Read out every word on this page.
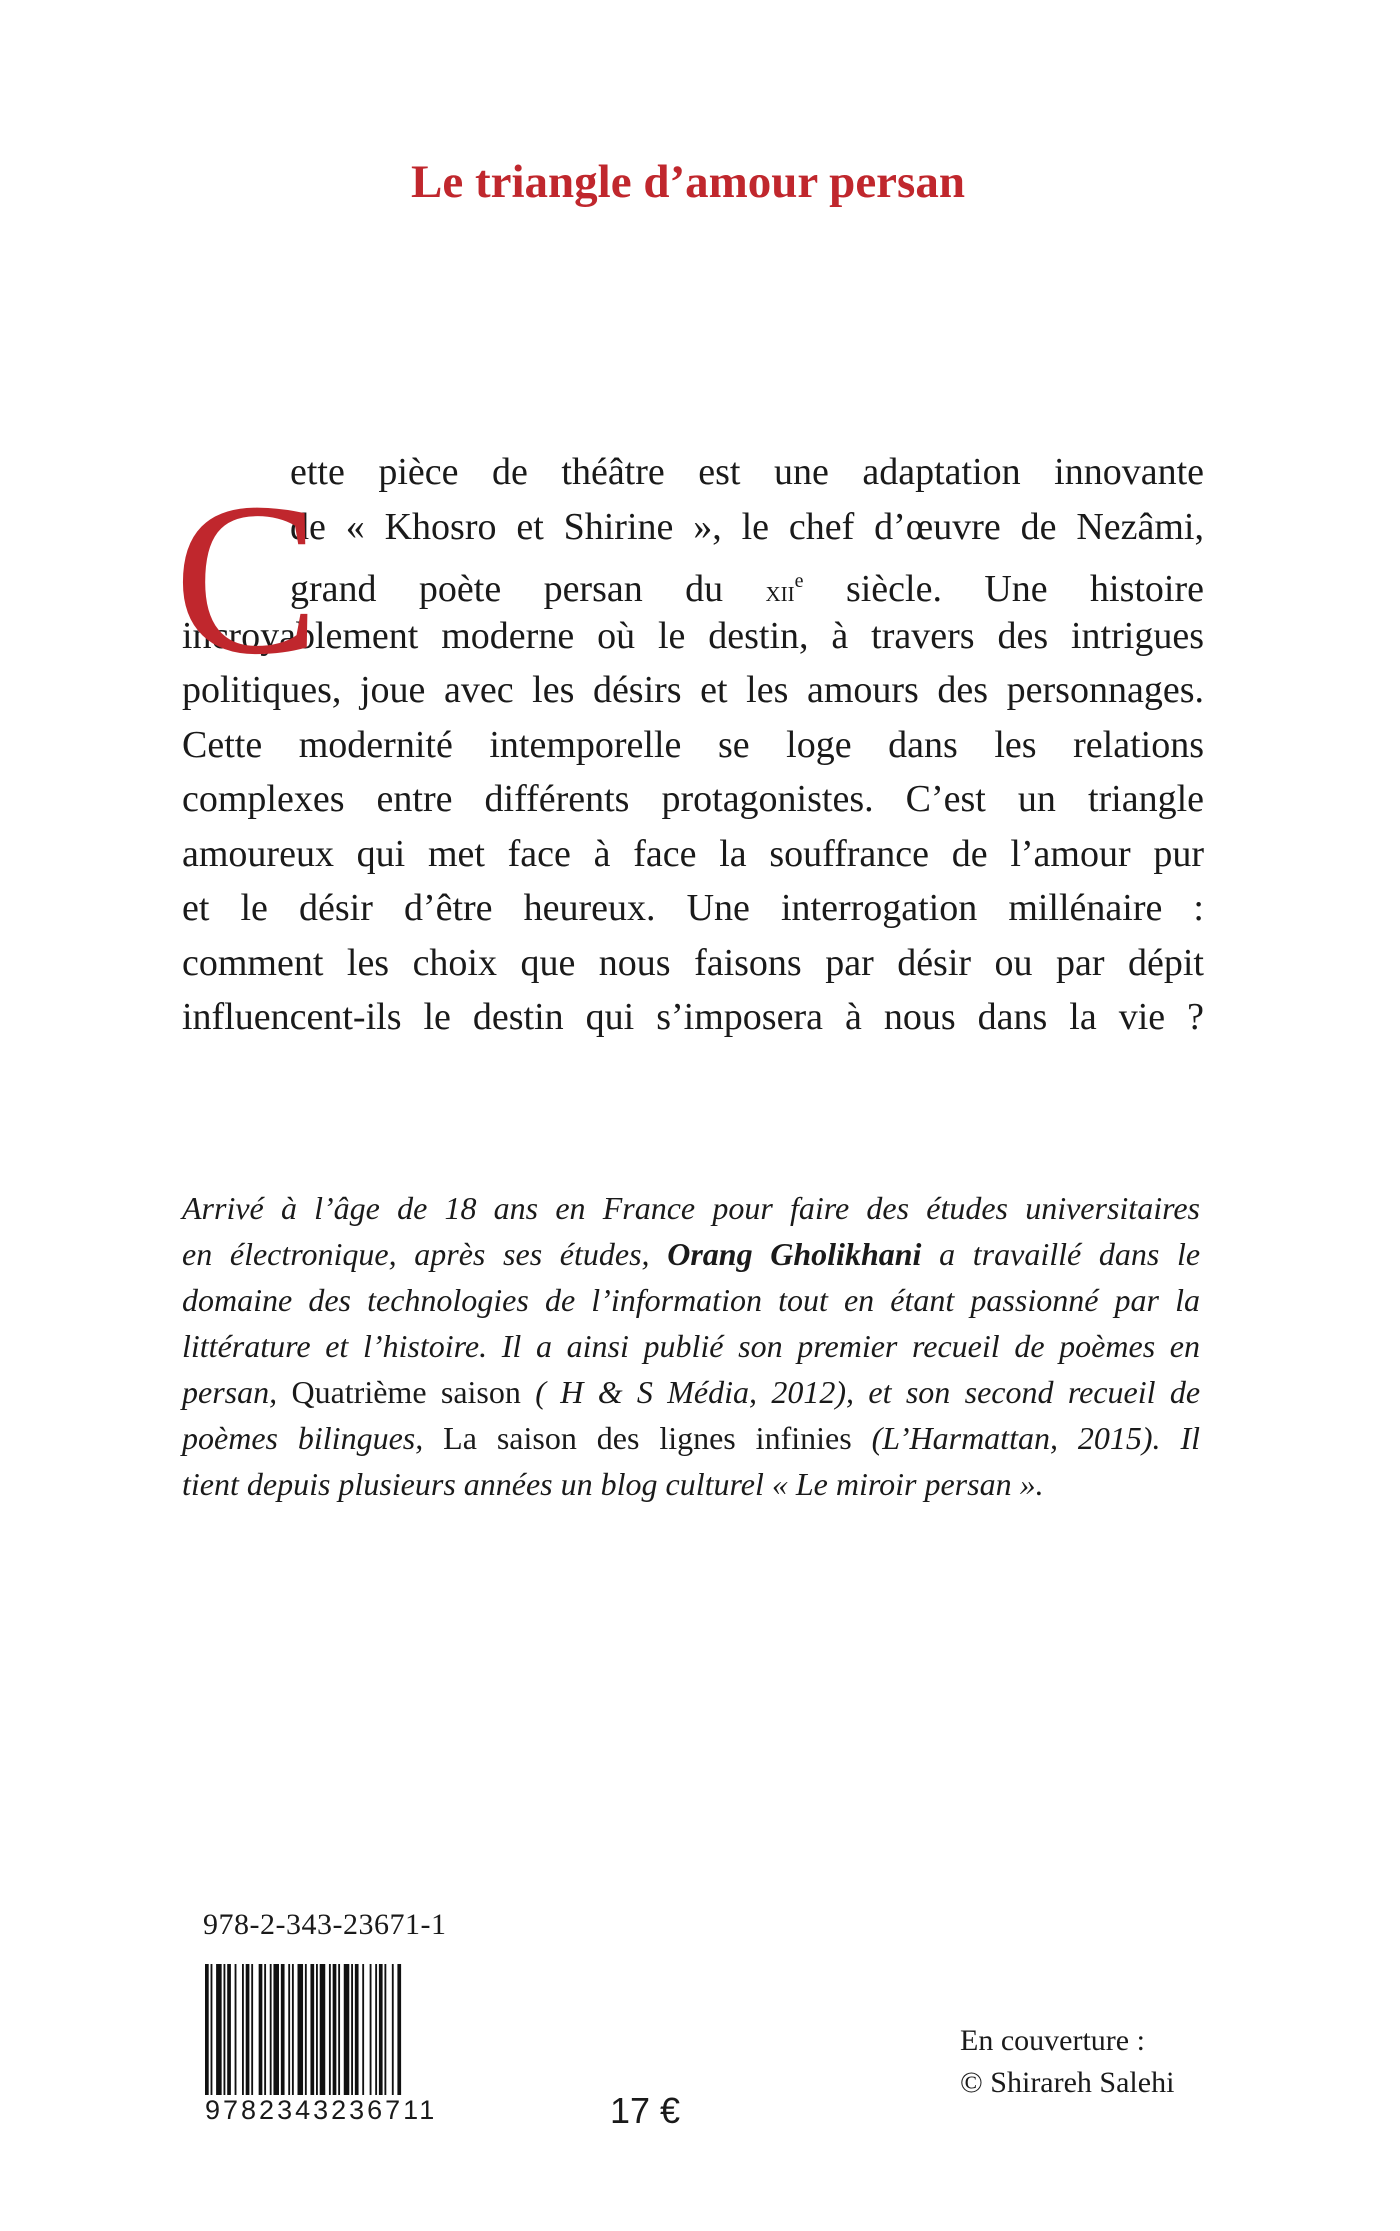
Le triangle d’amour persan
C
ette pièce de théâtre est une adaptation innovante
de « Khosro et Shirine », le chef d’œuvre de Nezâmi,
grand poète persan du xii$^e$ siècle. Une histoire
incroyablement moderne où le destin, à travers des intrigues
politiques, joue avec les désirs et les amours des personnages.
Cette modernité intemporelle se loge dans les relations
complexes entre différents protagonistes. C’est un triangle
amoureux qui met face à face la souffrance de l’amour pur
et le désir d’être heureux. Une interrogation millénaire :
comment les choix que nous faisons par désir ou par dépit
influencent-ils le destin qui s’imposera à nous dans la vie ?
Arrivé à l’âge de 18 ans en France pour faire des études universitaires
en électronique, après ses études, Orang Gholikhani a travaillé dans le
domaine des technologies de l’information tout en étant passionné par la
littérature et l’histoire. Il a ainsi publié son premier recueil de poèmes en
persan, Quatrième saison ( H & S Média, 2012), et son second recueil de
poèmes bilingues, La saison des lignes infinies (L’Harmattan, 2015). Il
tient depuis plusieurs années un blog culturel « Le miroir persan ».
978-2-343-23671-1
9782343236711	17 €
En couverture :
© Shirareh Salehi
